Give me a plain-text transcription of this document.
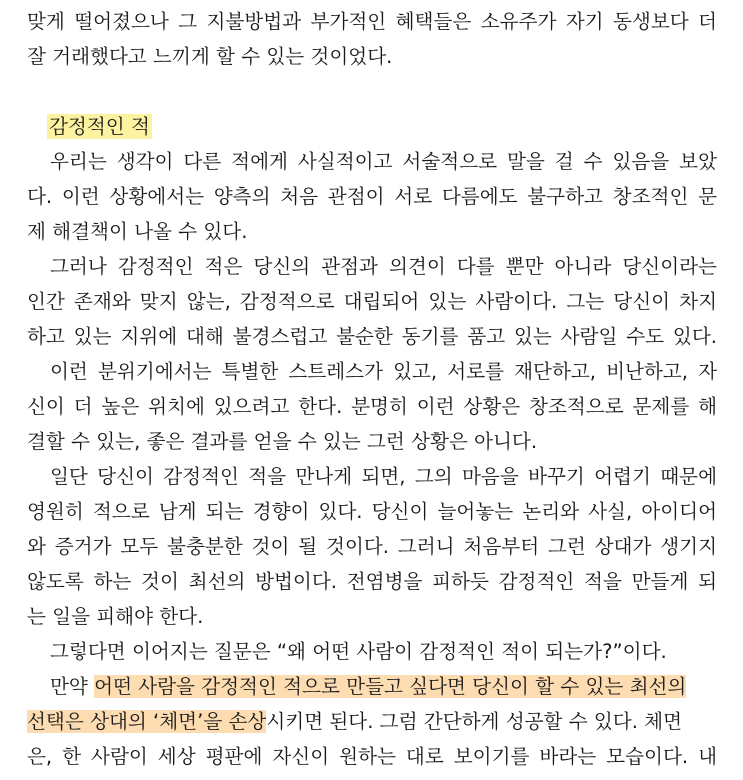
맞게 떨어졌으나 그 지불방법과 부가적인 혜택들은 소유주가 자기 동생보다 더
잘 거래했다고 느끼게 할 수 있는 것이었다.
감정적인 적
우리는 생각이 다른 적에게 사실적이고 서술적으로 말을 걸 수 있음을 보았
다. 이런 상황에서는 양측의 처음 관점이 서로 다름에도 불구하고 창조적인 문
제 해결책이 나올 수 있다.
그러나 감정적인 적은 당신의 관점과 의견이 다를 뿐만 아니라 당신이라는
인간 존재와 맞지 않는, 감정적으로 대립되어 있는 사람이다. 그는 당신이 차지
하고 있는 지위에 대해 불경스럽고 불순한 동기를 품고 있는 사람일 수도 있다.
이런 분위기에서는 특별한 스트레스가 있고, 서로를 재단하고, 비난하고, 자
신이 더 높은 위치에 있으려고 한다. 분명히 이런 상황은 창조적으로 문제를 해
결할 수 있는, 좋은 결과를 얻을 수 있는 그런 상황은 아니다.
일단 당신이 감정적인 적을 만나게 되면, 그의 마음을 바꾸기 어렵기 때문에
영원히 적으로 남게 되는 경향이 있다. 당신이 늘어놓는 논리와 사실, 아이디어
와 증거가 모두 불충분한 것이 될 것이다. 그러니 처음부터 그런 상대가 생기지
않도록 하는 것이 최선의 방법이다. 전염병을 피하듯 감정적인 적을 만들게 되
는 일을 피해야 한다.
그렇다면 이어지는 질문은 “왜 어떤 사람이 감정적인 적이 되는가?”이다.
만약 어떤 사람을 감정적인 적으로 만들고 싶다면 당신이 할 수 있는 최선의
선택은 상대의 ‘체면’을 손상시키면 된다. 그럼 간단하게 성공할 수 있다. 체면
은, 한 사람이 세상 평판에 자신이 원하는 대로 보이기를 바라는 모습이다. 내
